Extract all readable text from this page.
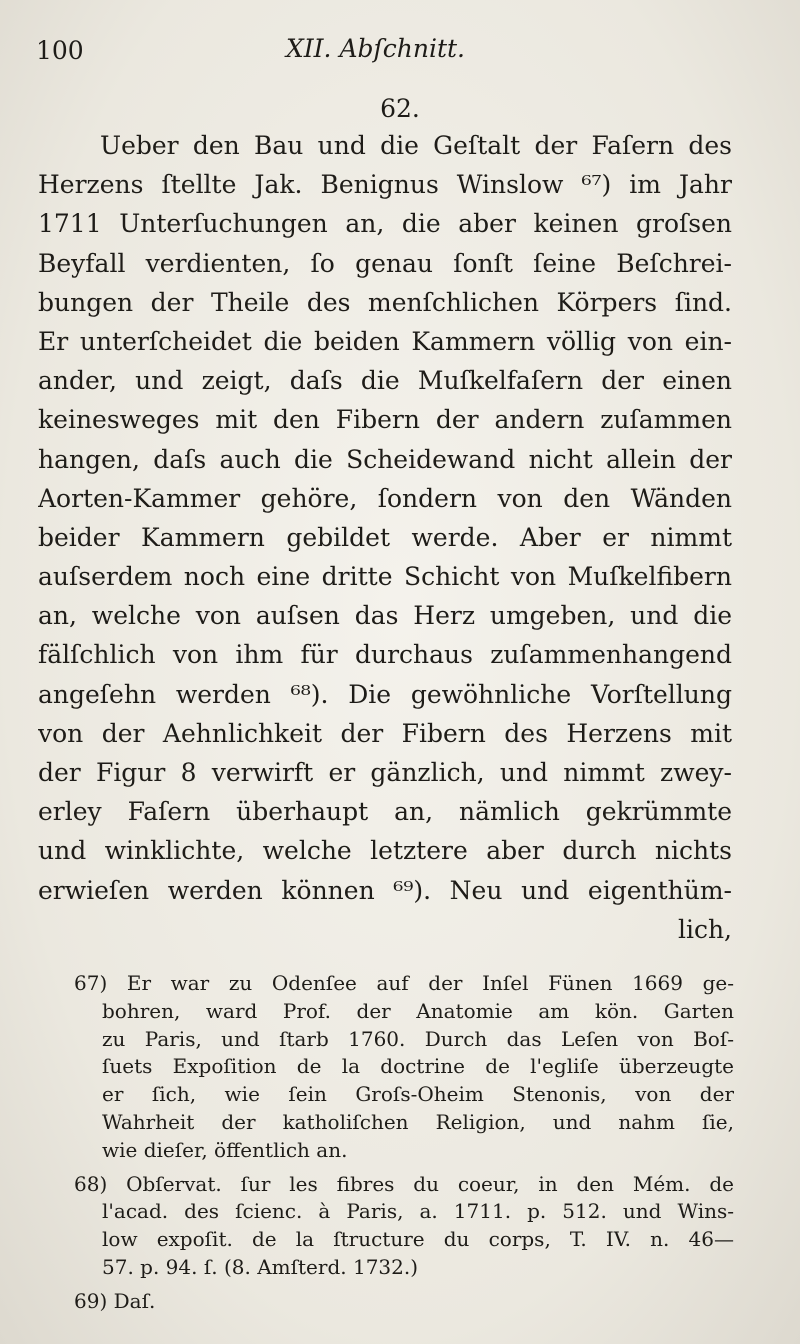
100	XII. Abſchnitt.
62.
Ueber den Bau und die Geſtalt der Faſern des
Herzens ſtellte Jak. Benignus Winslow ⁶⁷) im Jahr
1711 Unterſuchungen an, die aber keinen groſsen
Beyfall verdienten, ſo genau ſonſt ſeine Beſchrei-
bungen der Theile des menſchlichen Körpers ſind.
Er unterſcheidet die beiden Kammern völlig von ein-
ander, und zeigt, daſs die Muſkelfaſern der einen
keinesweges mit den Fibern der andern zuſammen
hangen, daſs auch die Scheidewand nicht allein der
Aorten-Kammer gehöre, ſondern von den Wänden
beider Kammern gebildet werde. Aber er nimmt
auſserdem noch eine dritte Schicht von Muſkelfibern
an, welche von auſsen das Herz umgeben, und die
fälſchlich von ihm für durchaus zuſammenhangend
angeſehn werden ⁶⁸). Die gewöhnliche Vorſtellung
von der Aehnlichkeit der Fibern des Herzens mit
der Figur 8 verwirft er gänzlich, und nimmt zwey-
erley Faſern überhaupt an, nämlich gekrümmte
und winklichte, welche letztere aber durch nichts
erwieſen werden können ⁶⁹). Neu und eigenthüm-
lich,
67) Er war zu Odenſee auf der Inſel Fünen 1669 ge-
bohren, ward Prof. der Anatomie am kön. Garten
zu Paris, und ſtarb 1760. Durch das Leſen von Boſ-
ſuets Expoſition de la doctrine de l'egliſe überzeugte
er ſich, wie ſein Groſs-Oheim Stenonis, von der
Wahrheit der katholiſchen Religion, und nahm ſie,
wie dieſer, öffentlich an.
68) Obſervat. ſur les fibres du coeur, in den Mém. de
l'acad. des ſcienc. à Paris, a. 1711. p. 512. und Wins-
low expoſit. de la ſtructure du corps, T. IV. n. 46—
57. p. 94. ſ. (8. Amſterd. 1732.)
69) Daſ.
